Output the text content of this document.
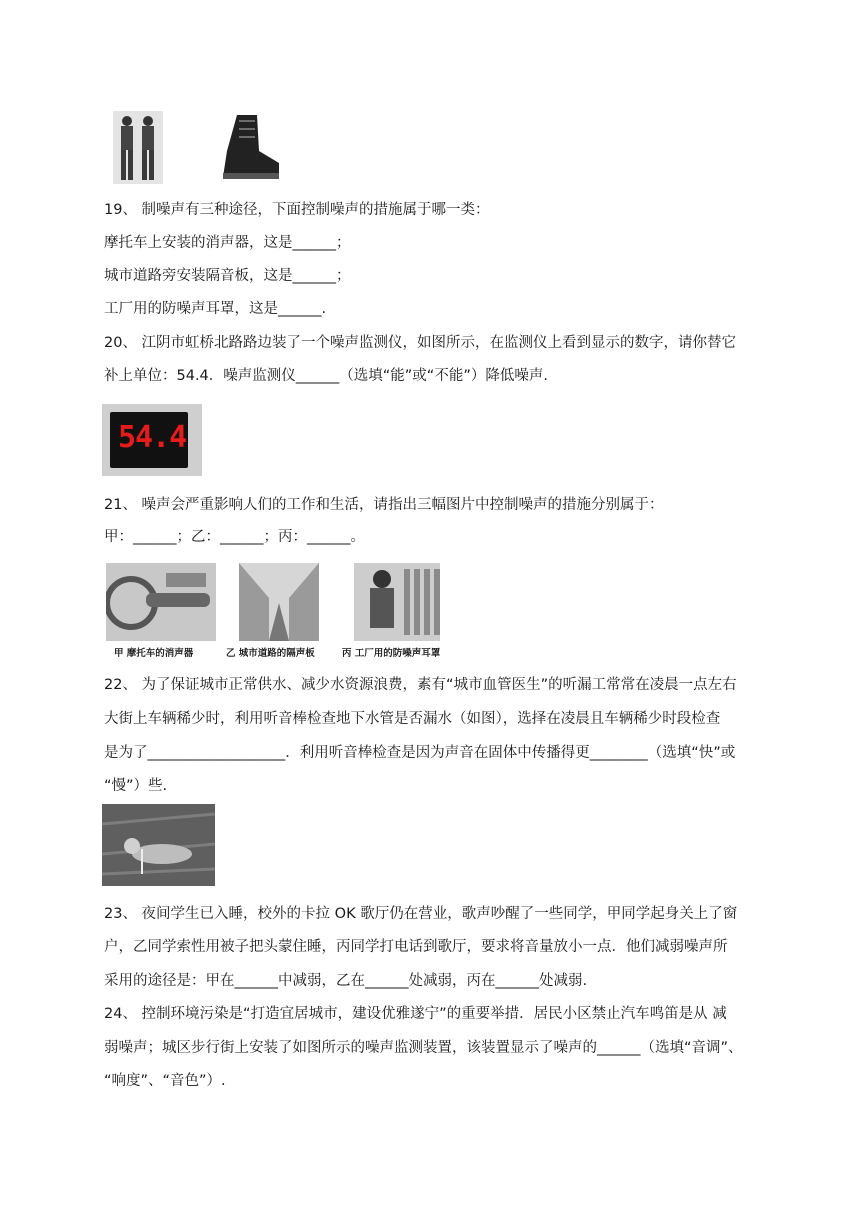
19、 制噪声有三种途径，下面控制噪声的措施属于哪一类：
摩托车上安装的消声器，这是______；
城市道路旁安装隔音板，这是______；
工厂用的防噪声耳罩，这是______.
20、 江阴市虹桥北路路边装了一个噪声监测仪，如图所示，在监测仪上看到显示的数字，请你替它
补上单位：54.4．噪声监测仪______（选填“能”或“不能”）降低噪声.
54.4
21、 噪声会严重影响人们的工作和生活，请指出三幅图片中控制噪声的措施分别属于：
甲：______；乙：______；丙：______。
甲 摩托车的消声器	乙 城市道路的隔声板	丙 工厂用的防噪声耳罩
22、 为了保证城市正常供水、减少水资源浪费，素有“城市血管医生”的听漏工常常在凌晨一点左右
大街上车辆稀少时，利用听音棒检查地下水管是否漏水（如图），选择在凌晨且车辆稀少时段检查
是为了___________________．利用听音棒检查是因为声音在固体中传播得更________（选填“快”或
“慢”）些.
23、 夜间学生已入睡，校外的卡拉 OK 歌厅仍在营业，歌声吵醒了一些同学，甲同学起身关上了窗
户，乙同学索性用被子把头蒙住睡，丙同学打电话到歌厅，要求将音量放小一点．他们减弱噪声所
采用的途径是：甲在______中减弱，乙在______处减弱，丙在______处减弱.
24、 控制环境污染是“打造宜居城市，建设优雅遂宁”的重要举措．居民小区禁止汽车鸣笛是从 减
弱噪声；城区步行街上安装了如图所示的噪声监测装置，该装置显示了噪声的______（选填“音调”、
“响度”、“音色”）.
